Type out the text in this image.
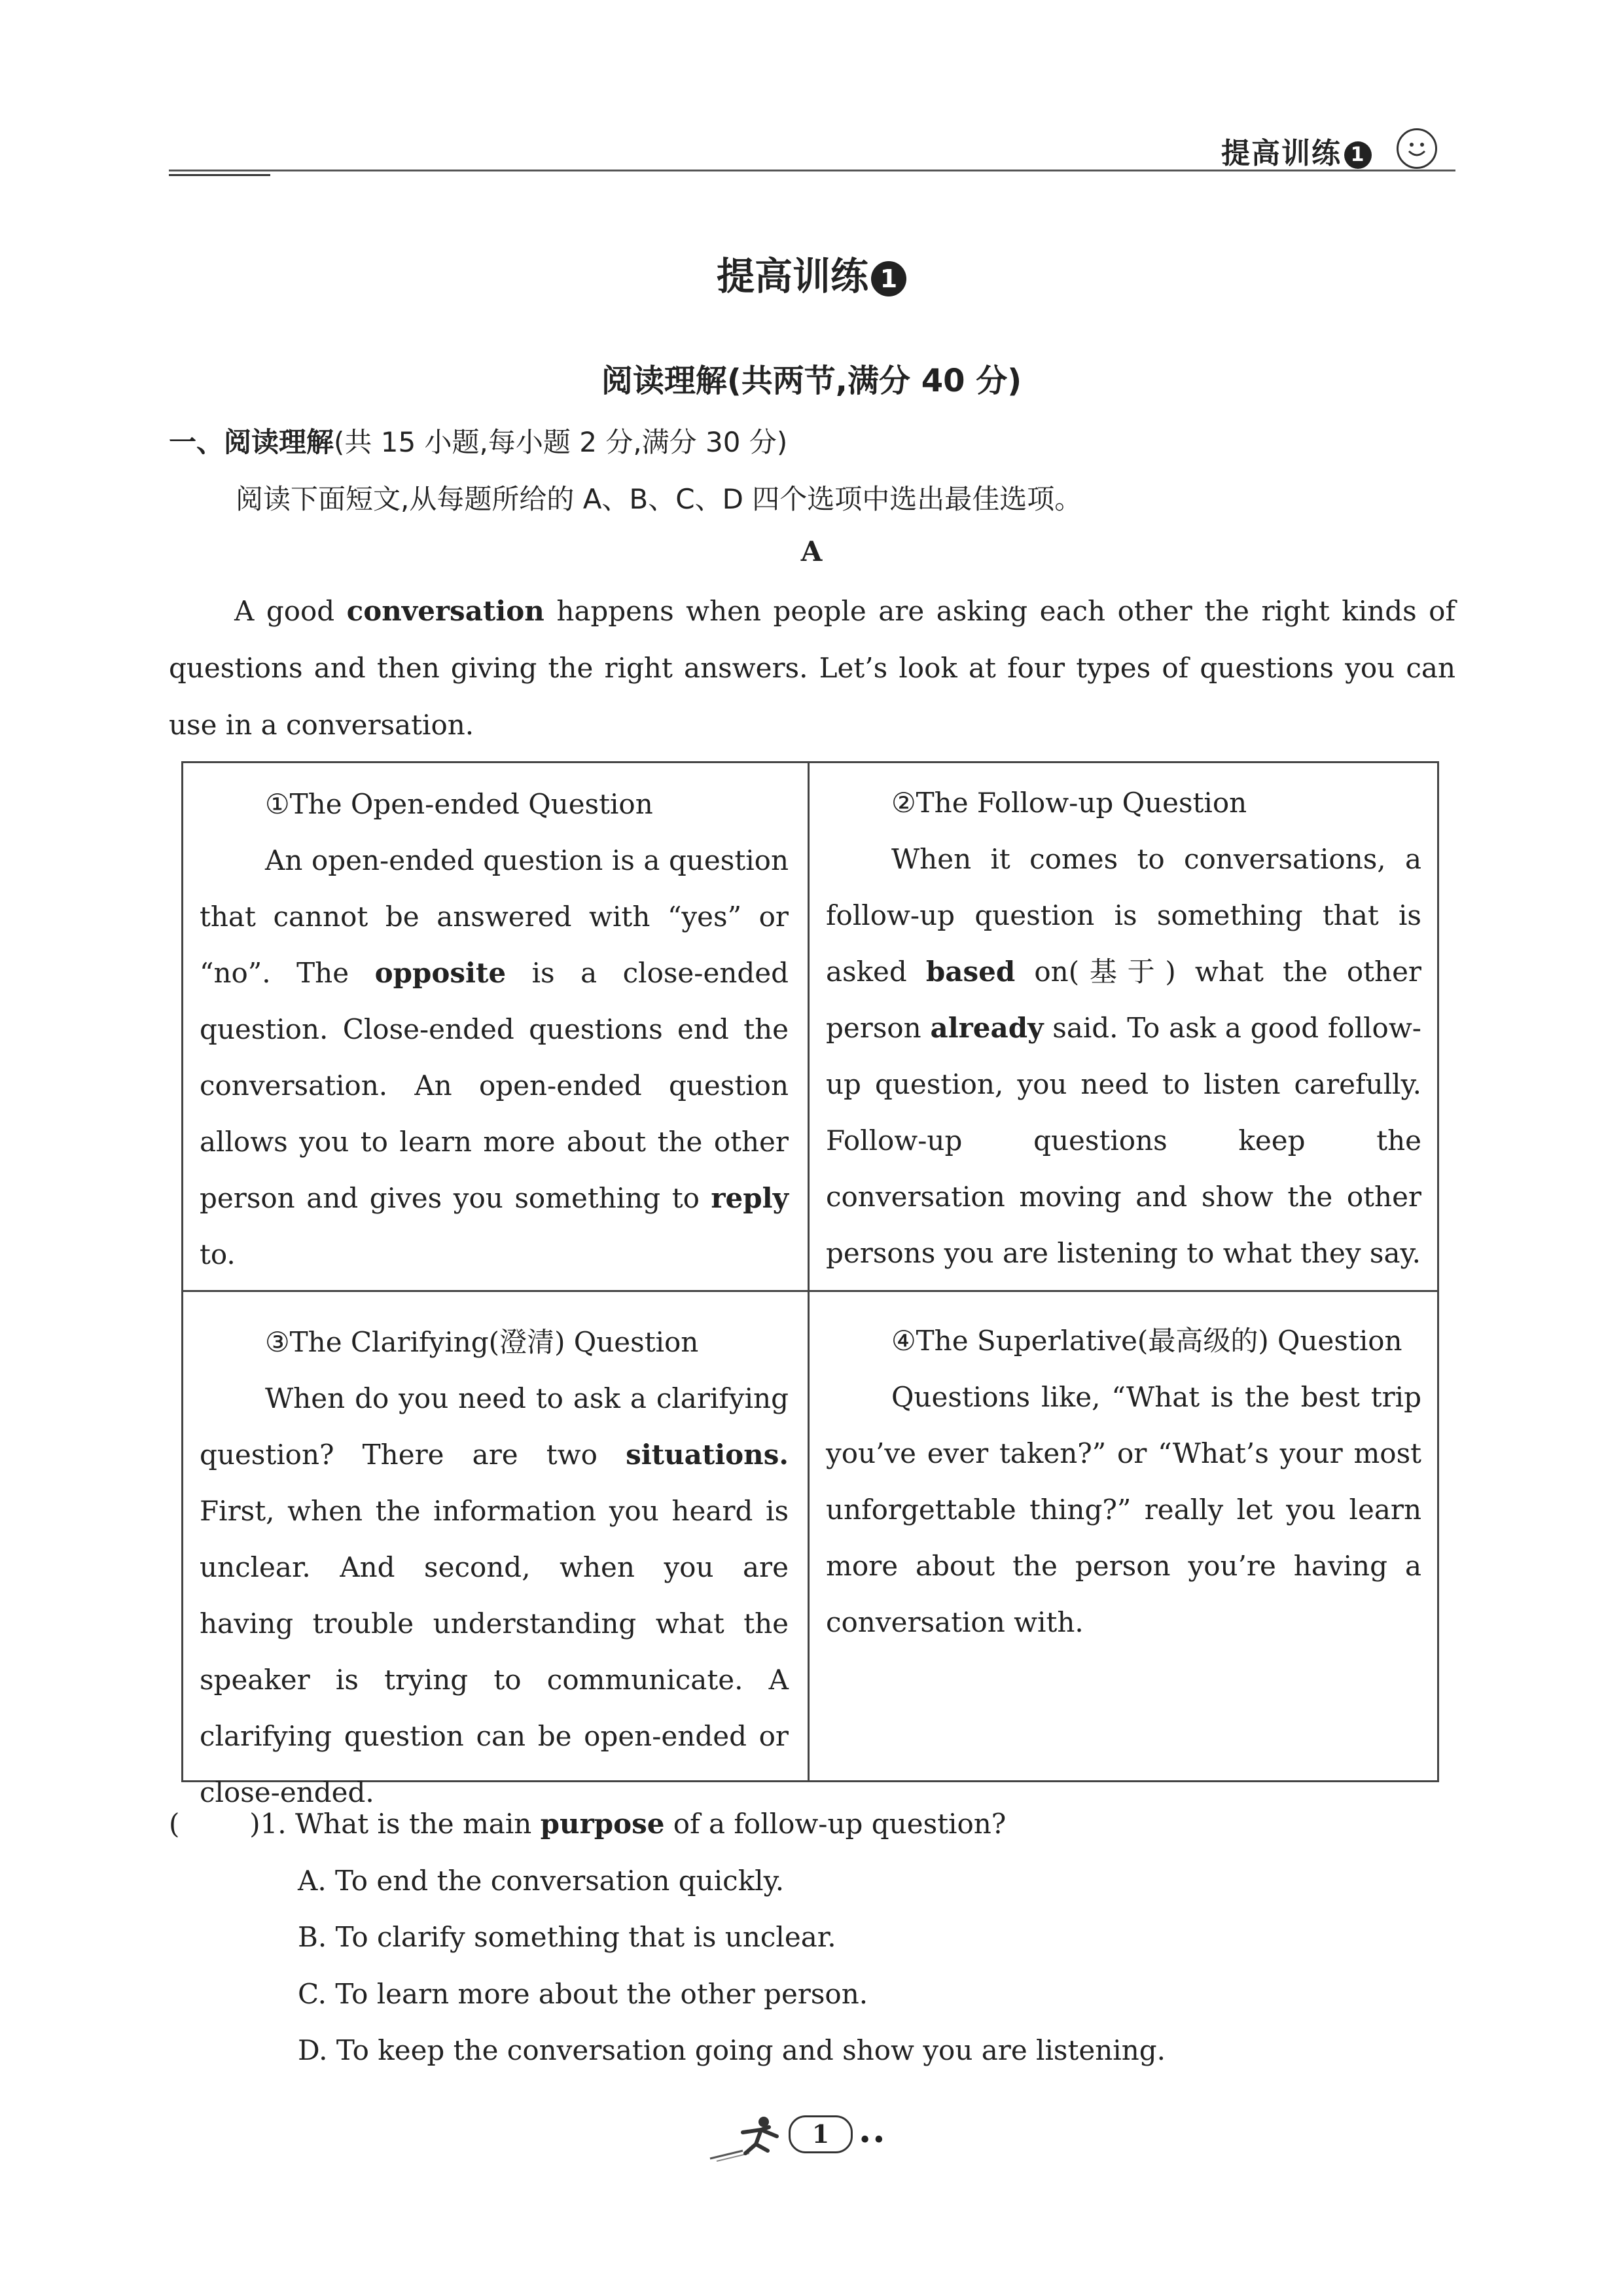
提高训练 1
提高训练 1
阅读理解(共两节,满分 40 分)
一、阅读理解(共 15 小题,每小题 2 分,满分 30 分)
阅读下面短文,从每题所给的 A、B、C、D 四个选项中选出最佳选项。
A
A good conversation happens when people are asking each other the right kinds of questions and then giving the right answers. Let’s look at four types of questions you can use in a conversation.
①The Open-ended Question
An open-ended question is a question that cannot be answered with “yes” or “no”. The opposite is a close-ended question. Close-ended questions end the conversation. An open-ended question allows you to learn more about the other person and gives you something to reply to.
②The Follow-up Question
When it comes to conversations, a follow-up question is something that is asked based on(基于) what the other person already said. To ask a good follow-up question, you need to listen carefully. Follow-up questions keep the conversation moving and show the other persons you are listening to what they say.
③The Clarifying(澄清) Question
When do you need to ask a clarifying question? There are two situations. First, when the information you heard is unclear. And second, when you are having trouble understanding what the speaker is trying to communicate. A clarifying question can be open-ended or close-ended.
④The Superlative(最高级的) Question
Questions like, “What is the best trip you’ve ever taken?” or “What’s your most unforgettable thing?” really let you learn more about the person you’re having a conversation with.
(        )1. What is the main purpose of a follow-up question?
A. To end the conversation quickly.
B. To clarify something that is unclear.
C. To learn more about the other person.
D. To keep the conversation going and show you are listening.
1	••
